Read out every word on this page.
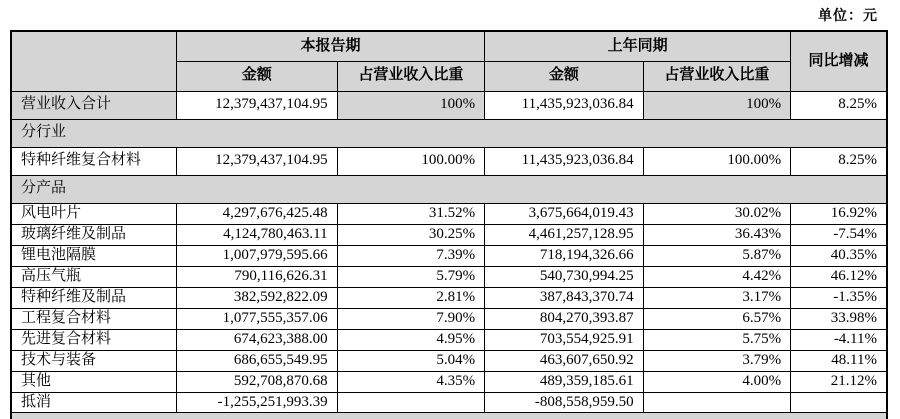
单位：元
	本报告期		上年同期		同比增减
	金额	占营业收入比重	金额	占营业收入比重	
营业收入合计	12,379,437,104.95	100%	11,435,923,036.84	100%	8.25%
分行业					
特种纤维复合材料	12,379,437,104.95	100.00%	11,435,923,036.84	100.00%	8.25%
分产品					
风电叶片	4,297,676,425.48	31.52%	3,675,664,019.43	30.02%	16.92%
玻璃纤维及制品	4,124,780,463.11	30.25%	4,461,257,128.95	36.43%	-7.54%
锂电池隔膜	1,007,979,595.66	7.39%	718,194,326.66	5.87%	40.35%
高压气瓶	790,116,626.31	5.79%	540,730,994.25	4.42%	46.12%
特种纤维及制品	382,592,822.09	2.81%	387,843,370.74	3.17%	-1.35%
工程复合材料	1,077,555,357.06	7.90%	804,270,393.87	6.57%	33.98%
先进复合材料	674,623,388.00	4.95%	703,554,925.91	5.75%	-4.11%
技术与装备	686,655,549.95	5.04%	463,607,650.92	3.79%	48.11%
其他	592,708,870.68	4.35%	489,359,185.61	4.00%	21.12%
抵消	-1,255,251,993.39		-808,558,959.50		
